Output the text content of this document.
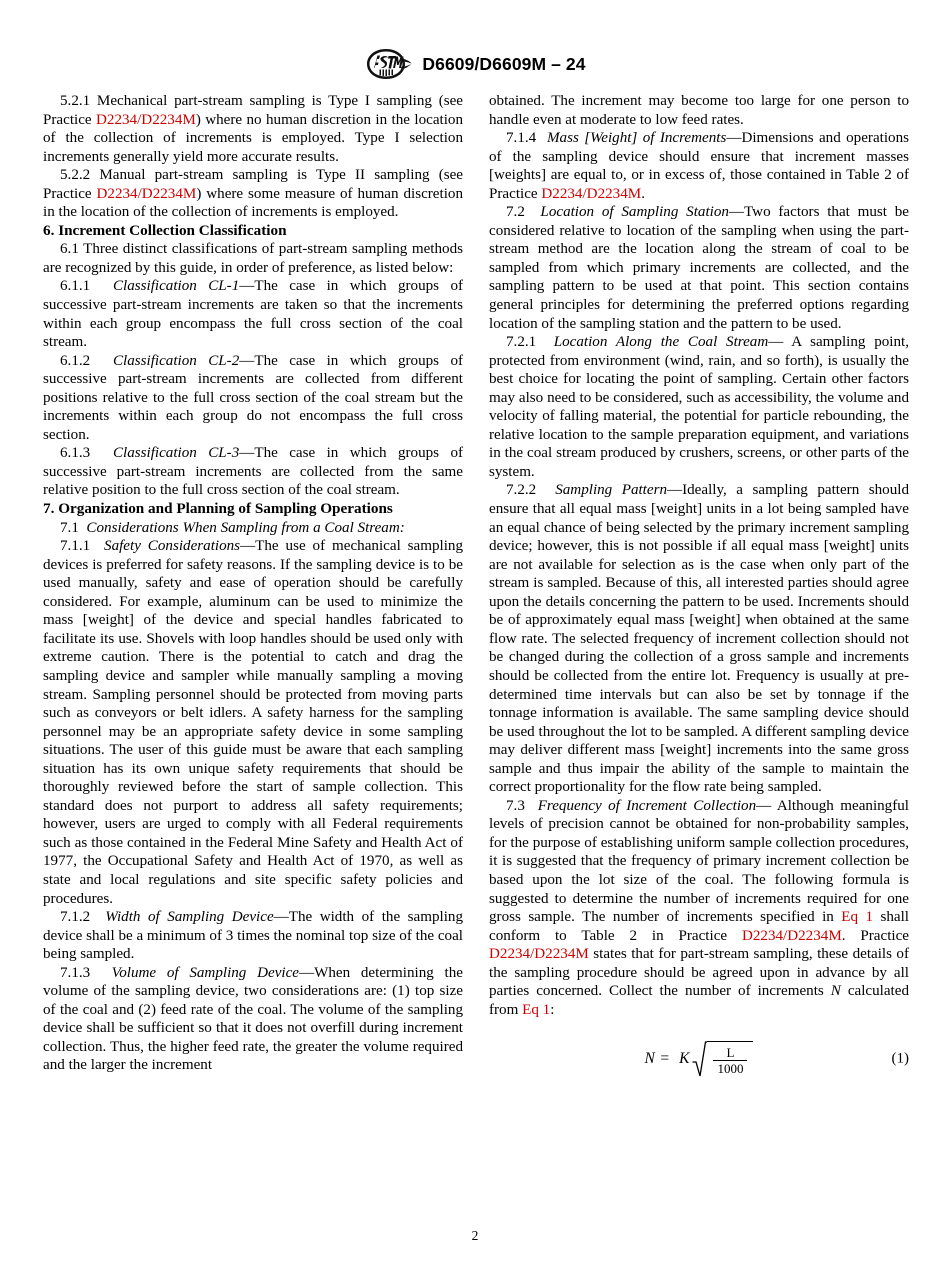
D6609/D6609M – 24

5.2.1 Mechanical part-stream sampling is Type I sampling (see Practice D2234/D2234M) where no human discretion in the location of the collection of increments is employed. Type I selection increments generally yield more accurate results.

5.2.2 Manual part-stream sampling is Type II sampling (see Practice D2234/D2234M) where some measure of human discretion in the location of the collection of increments is employed.

6. Increment Collection Classification

6.1 Three distinct classifications of part-stream sampling methods are recognized by this guide, in order of preference, as listed below:

6.1.1 Classification CL-1—The case in which groups of successive part-stream increments are taken so that the increments within each group encompass the full cross section of the coal stream.

6.1.2 Classification CL-2—The case in which groups of successive part-stream increments are collected from different positions relative to the full cross section of the coal stream but the increments within each group do not encompass the full cross section.

6.1.3 Classification CL-3—The case in which groups of successive part-stream increments are collected from the same relative position to the full cross section of the coal stream.

7. Organization and Planning of Sampling Operations

7.1 Considerations When Sampling from a Coal Stream:

7.1.1 Safety Considerations—The use of mechanical sampling devices is preferred for safety reasons. If the sampling device is to be used manually, safety and ease of operation should be carefully considered. For example, aluminum can be used to minimize the mass [weight] of the device and special handles fabricated to facilitate its use. Shovels with loop handles should be used only with extreme caution. There is the potential to catch and drag the sampling device and sampler while manually sampling a moving stream. Sampling personnel should be protected from moving parts such as conveyors or belt idlers. A safety harness for the sampling personnel may be an appropriate safety device in some sampling situations. The user of this guide must be aware that each sampling situation has its own unique safety requirements that should be thoroughly reviewed before the start of sample collection. This standard does not purport to address all safety requirements; however, users are urged to comply with all Federal requirements such as those contained in the Federal Mine Safety and Health Act of 1977, the Occupational Safety and Health Act of 1970, as well as state and local regulations and site specific safety policies and procedures.

7.1.2 Width of Sampling Device—The width of the sampling device shall be a minimum of 3 times the nominal top size of the coal being sampled.

7.1.3 Volume of Sampling Device—When determining the volume of the sampling device, two considerations are: (1) top size of the coal and (2) feed rate of the coal. The volume of the sampling device shall be sufficient so that it does not overfill during increment collection. Thus, the higher feed rate, the greater the volume required and the larger the increment

obtained. The increment may become too large for one person to handle even at moderate to low feed rates.

7.1.4 Mass [Weight] of Increments—Dimensions and operations of the sampling device should ensure that increment masses [weights] are equal to, or in excess of, those contained in Table 2 of Practice D2234/D2234M.

7.2 Location of Sampling Station—Two factors that must be considered relative to location of the sampling when using the part-stream method are the location along the stream of coal to be sampled from which primary increments are collected, and the sampling pattern to be used at that point. This section contains general principles for determining the preferred options regarding location of the sampling station and the pattern to be used.

7.2.1 Location Along the Coal Stream— A sampling point, protected from environment (wind, rain, and so forth), is usually the best choice for locating the point of sampling. Certain other factors may also need to be considered, such as accessibility, the volume and velocity of falling material, the potential for particle rebounding, the relative location to the sample preparation equipment, and variations in the coal stream produced by crushers, screens, or other parts of the system.

7.2.2 Sampling Pattern—Ideally, a sampling pattern should ensure that all equal mass [weight] units in a lot being sampled have an equal chance of being selected by the primary increment sampling device; however, this is not possible if all equal mass [weight] units are not available for selection as is the case when only part of the stream is sampled. Because of this, all interested parties should agree upon the details concerning the pattern to be used. Increments should be of approximately equal mass [weight] when obtained at the same flow rate. The selected frequency of increment collection should not be changed during the collection of a gross sample and increments should be collected from the entire lot. Frequency is usually at pre-determined time intervals but can also be set by tonnage if the tonnage information is available. The same sampling device should be used throughout the lot to be sampled. A different sampling device may deliver different mass [weight] increments into the same gross sample and thus impair the ability of the sample to maintain the correct proportionality for the flow rate being sampled.

7.3 Frequency of Increment Collection— Although meaningful levels of precision cannot be obtained for non-probability samples, for the purpose of establishing uniform sample collection procedures, it is suggested that the frequency of primary increment collection be based upon the lot size of the coal. The following formula is suggested to determine the number of increments required for one gross sample. The number of increments specified in Eq 1 shall conform to Table 2 in Practice D2234/D2234M. Practice D2234/D2234M states that for part-stream sampling, these details of the sampling procedure should be agreed upon in advance by all parties concerned. Collect the number of increments N calculated from Eq 1:

N = K $\frac{L}{1000}$	(1)
2
